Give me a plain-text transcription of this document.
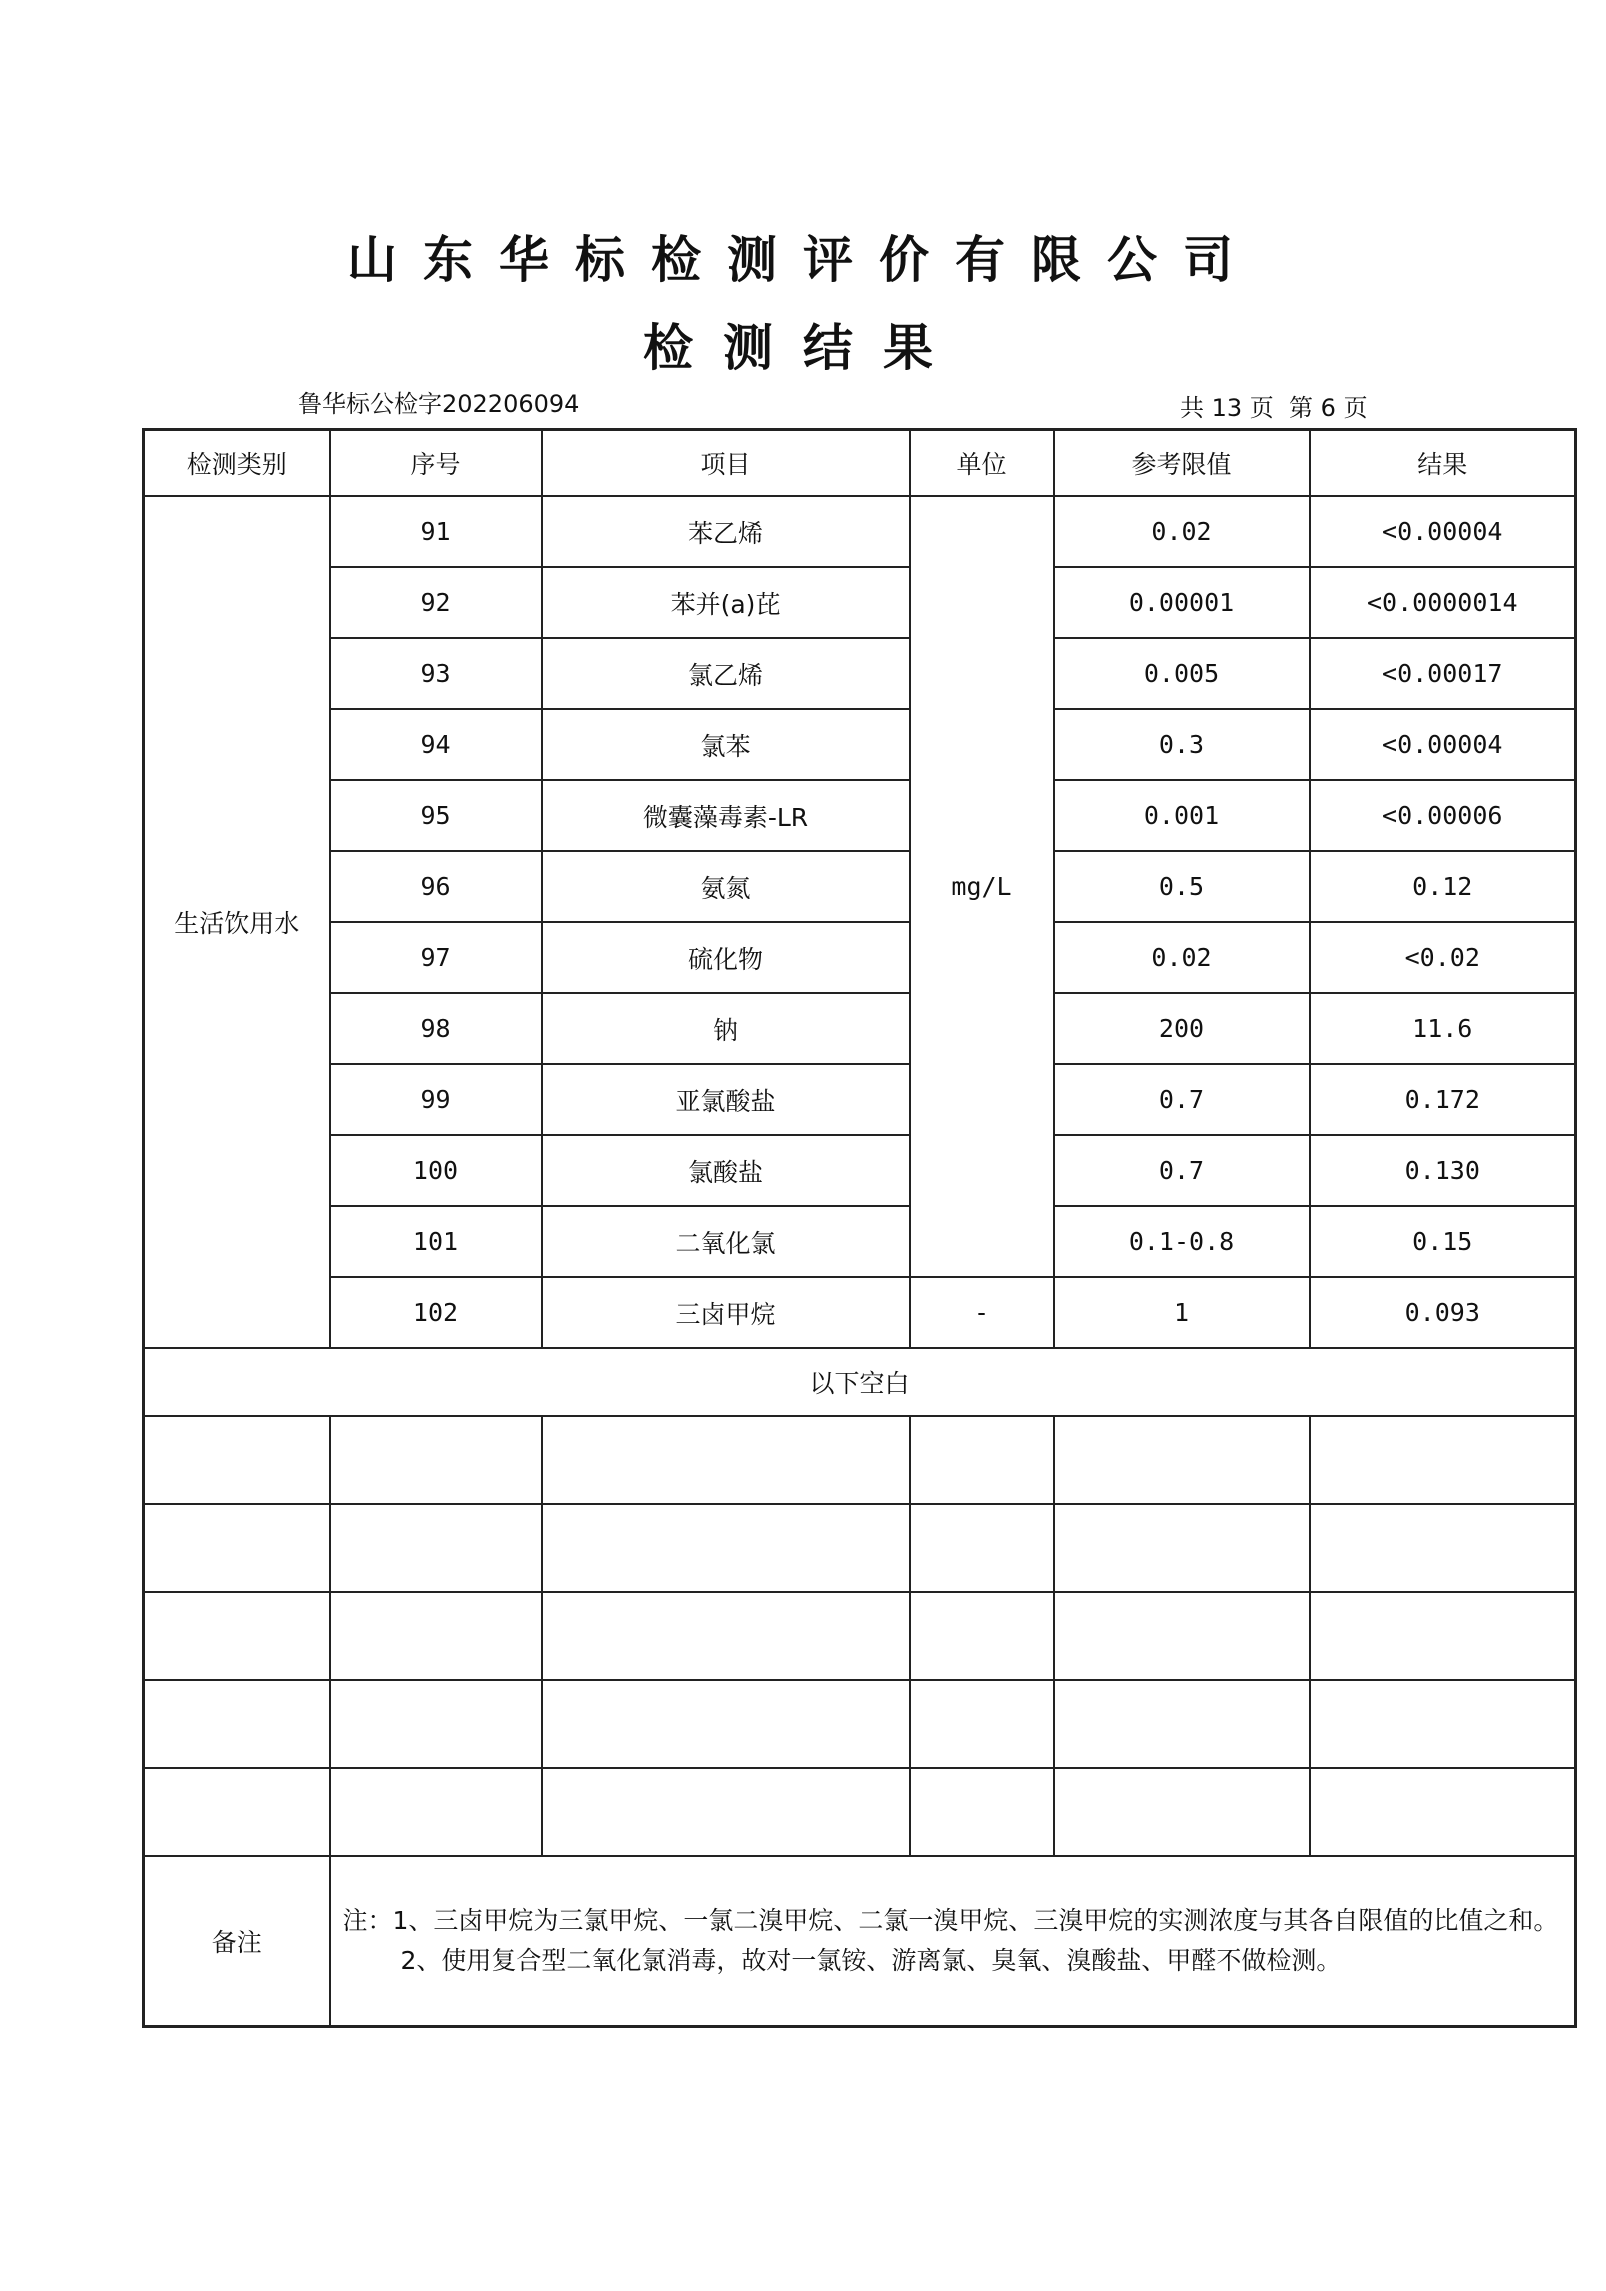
山东华标检测评价有限公司
检测结果
鲁华标公检字202206094	共 13 页  第 6 页
检测类别	序号	项目	单位	参考限值	结果
生活饮用水	91	苯乙烯	mg/L	0.02	<0.00004
	92	苯并(a)芘		0.00001	<0.0000014
	93	氯乙烯		0.005	<0.00017
	94	氯苯		0.3	<0.00004
	95	微囊藻毒素-LR		0.001	<0.00006
	96	氨氮		0.5	0.12
	97	硫化物		0.02	<0.02
	98	钠		200	11.6
	99	亚氯酸盐		0.7	0.172
	100	氯酸盐		0.7	0.130
	101	二氧化氯		0.1-0.8	0.15
	102	三卤甲烷	-	1	0.093
以下空白					

备注	注：1、三卤甲烷为三氯甲烷、一氯二溴甲烷、二氯一溴甲烷、三溴甲烷的实测浓度与其各自限值的比值之和。
2、使用复合型二氧化氯消毒，故对一氯铵、游离氯、臭氧、溴酸盐、甲醛不做检测。				
